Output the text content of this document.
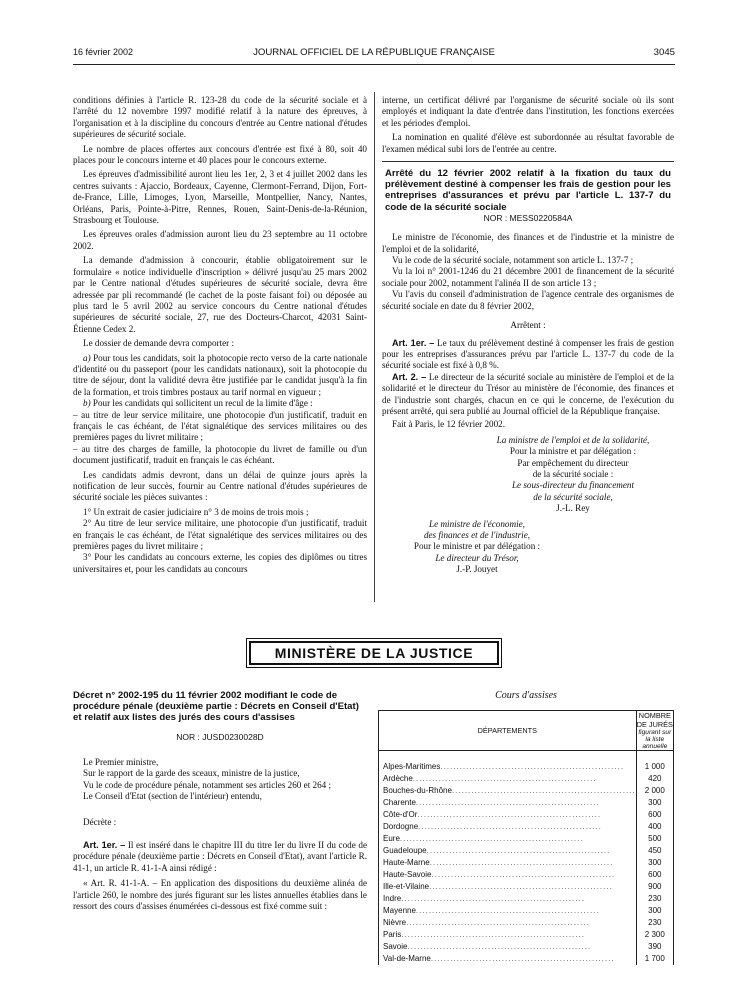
16 février 2002	JOURNAL OFFICIEL DE LA RÉPUBLIQUE FRANÇAISE	3045

conditions définies à l'article R. 123-28 du code de la sécurité sociale et à l'arrêté du 12 novembre 1997 modifié relatif à la nature des épreuves, à l'organisation et à la discipline du concours d'entrée au Centre national d'études supérieures de sécurité sociale.

Le nombre de places offertes aux concours d'entrée est fixé à 80, soit 40 places pour le concours interne et 40 places pour le concours externe.

Les épreuves d'admissibilité auront lieu les 1er, 2, 3 et 4 juillet 2002 dans les centres suivants : Ajaccio, Bordeaux, Cayenne, Clermont-Ferrand, Dijon, Fort-de-France, Lille, Limoges, Lyon, Marseille, Montpellier, Nancy, Nantes, Orléans, Paris, Pointe-à-Pitre, Rennes, Rouen, Saint-Denis-de-la-Réunion, Strasbourg et Toulouse.

Les épreuves orales d'admission auront lieu du 23 septembre au 11 octobre 2002.

La demande d'admission à concourir, établie obligatoirement sur le formulaire « notice individuelle d'inscription » délivré jusqu'au 25 mars 2002 par le Centre national d'études supérieures de sécurité sociale, devra être adressée par pli recommandé (le cachet de la poste faisant foi) ou déposée au plus tard le 5 avril 2002 au service concours du Centre national d'études supérieures de sécurité sociale, 27, rue des Docteurs-Charcot, 42031 Saint-Étienne Cedex 2.

Le dossier de demande devra comporter :

a) Pour tous les candidats, soit la photocopie recto verso de la carte nationale d'identité ou du passeport (pour les candidats nationaux), soit la photocopie du titre de séjour, dont la validité devra être justifiée par le candidat jusqu'à la fin de la formation, et trois timbres postaux au tarif normal en vigueur ;

b) Pour les candidats qui sollicitent un recul de la limite d'âge :

– au titre de leur service militaire, une photocopie d'un justificatif, traduit en français le cas échéant, de l'état signalétique des services militaires ou des premières pages du livret militaire ;

– au titre des charges de famille, la photocopie du livret de famille ou d'un document justificatif, traduit en français le cas échéant.

Les candidats admis devront, dans un délai de quinze jours après la notification de leur succès, fournir au Centre national d'études supérieures de sécurité sociale les pièces suivantes :

1° Un extrait de casier judiciaire n° 3 de moins de trois mois ;

2° Au titre de leur service militaire, une photocopie d'un justificatif, traduit en français le cas échéant, de l'état signalétique des services militaires ou des premières pages du livret militaire ;

3° Pour les candidats au concours externe, les copies des diplômes ou titres universitaires et, pour les candidats au concours

interne, un certificat délivré par l'organisme de sécurité sociale où ils sont employés et indiquant la date d'entrée dans l'institution, les fonctions exercées et les périodes d'emploi.

La nomination en qualité d'élève est subordonnée au résultat favorable de l'examen médical subi lors de l'entrée au centre.

Arrêté du 12 février 2002 relatif à la fixation du taux du prélèvement destiné à compenser les frais de gestion pour les entreprises d'assurances et prévu par l'article L. 137-7 du code de la sécurité sociale

NOR : MESS0220584A

Le ministre de l'économie, des finances et de l'industrie et la ministre de l'emploi et de la solidarité,

Vu le code de la sécurité sociale, notamment son article L. 137-7 ;

Vu la loi n° 2001-1246 du 21 décembre 2001 de financement de la sécurité sociale pour 2002, notamment l'alinéa II de son article 13 ;

Vu l'avis du conseil d'administration de l'agence centrale des organismes de sécurité sociale en date du 8 février 2002,

Arrêtent :

Art. 1er. – Le taux du prélèvement destiné à compenser les frais de gestion pour les entreprises d'assurances prévu par l'article L. 137-7 du code de la sécurité sociale est fixé à 0,8 %.

Art. 2. – Le directeur de la sécurité sociale au ministère de l'emploi et de la solidarité et le directeur du Trésor au ministère de l'économie, des finances et de l'industrie sont chargés, chacun en ce qui le concerne, de l'exécution du présent arrêté, qui sera publié au Journal officiel de la République française.

Fait à Paris, le 12 février 2002.

La ministre de l'emploi et de la solidarité,

Pour la ministre et par délégation :

Par empêchement du directeur

de la sécurité sociale :

Le sous-directeur du financement

de la sécurité sociale,

J.-L. Rey

Le ministre de l'économie,

des finances et de l'industrie,

Pour le ministre et par délégation :

Le directeur du Trésor,

J.-P. Jouyet

MINISTÈRE DE LA JUSTICE

Décret n° 2002-195 du 11 février 2002 modifiant le code de procédure pénale (deuxième partie : Décrets en Conseil d'Etat) et relatif aux listes des jurés des cours d'assises

NOR : JUSD0230028D

Le Premier ministre,

Sur le rapport de la garde des sceaux, ministre de la justice,

Vu le code de procédure pénale, notamment ses articles 260 et 264 ;

Le Conseil d'Etat (section de l'intérieur) entendu,

Décrète :

Art. 1er. – Il est inséré dans le chapitre III du titre Ier du livre II du code de procédure pénale (deuxième partie : Décrets en Conseil d'Etat), avant l'article R. 41-1, un article R. 41-1-A ainsi rédigé :

« Art. R. 41-1-A. – En application des dispositions du deuxième alinéa de l'article 260, le nombre des jurés figurant sur les listes annuelles établies dans le ressort des cours d'assises énumérées ci-dessous est fixé comme suit :

Cours d'assises

DÉPARTEMENTS	NOMBRE DE JURÉS
figurant sur la liste annuelle

Alpes-Maritimes.........................................................	1 000
Ardèche.........................................................	420
Bouches-du-Rhône.........................................................	2 000
Charente.........................................................	300
Côte-d'Or.........................................................	600
Dordogne.........................................................	400
Eure.........................................................	500
Guadeloupe.........................................................	450
Haute-Marne.........................................................	300
Haute-Savoie.........................................................	600
Ille-et-Vilaine.........................................................	900
Indre.........................................................	230
Mayenne.........................................................	300
Nièvre.........................................................	230
Paris.........................................................	2 300
Savoie.........................................................	390
Val-de-Marne.........................................................	1 700
